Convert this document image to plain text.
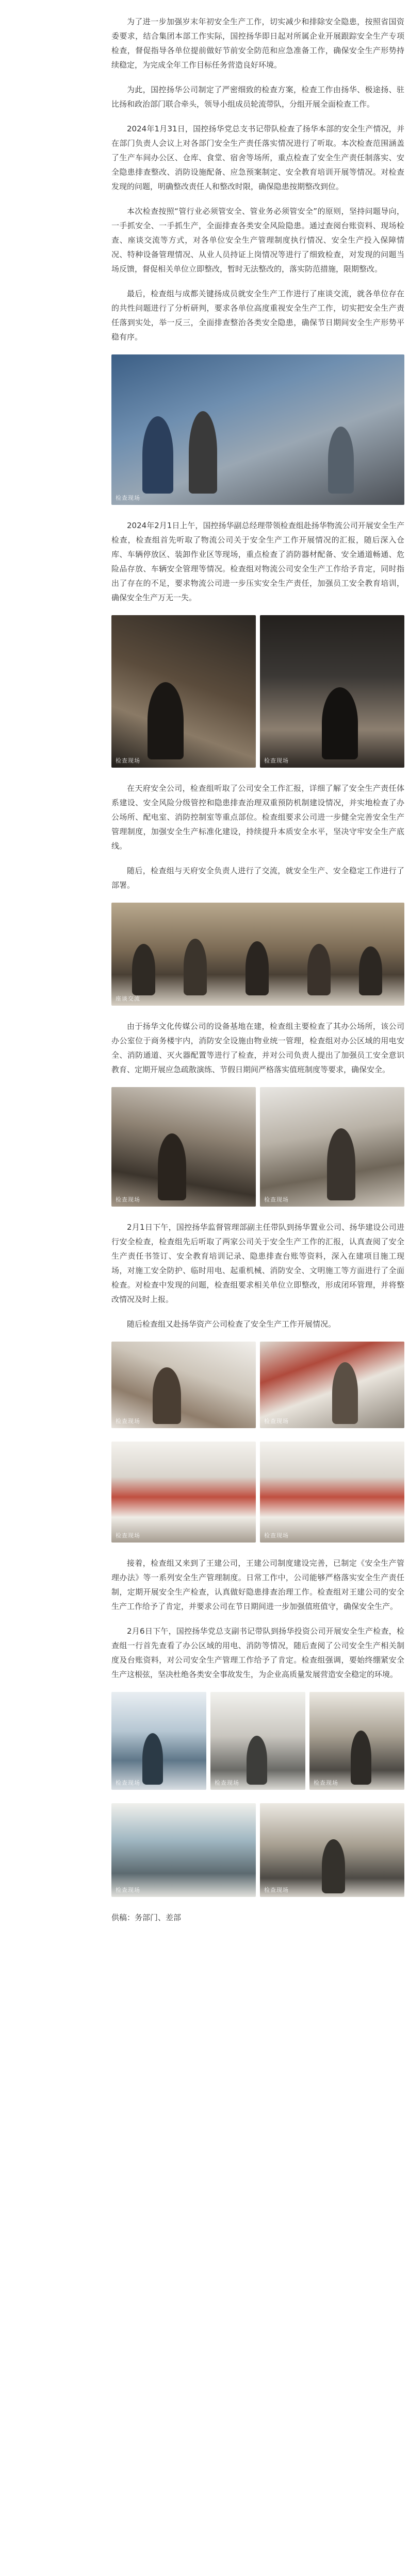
为了进一步加强岁末年初安全生产工作，切实减少和排除安全隐患，按照省国资委要求，结合集团本部工作实际，国控扬华即日起对所属企业开展跟踪安全生产专项检查，督促指导各单位提前做好节前安全防范和应急准备工作，确保安全生产形势持续稳定，为完成全年工作目标任务营造良好环境。

为此，国控扬华公司制定了严密细致的检查方案，检查工作由扬华、极途扬、驻比扬和政治部门联合牵头，领导小组成员轮流带队，分组开展全面检查工作。

2024年1月31日，国控扬华党总支书记带队检查了扬华本部的安全生产情况，并在部门负责人会议上对各部门安全生产责任落实情况进行了听取。本次检查范围涵盖了生产车间办公区、仓库、食堂、宿舍等场所，重点检查了安全生产责任制落实、安全隐患排查整改、消防设施配备、应急预案制定、安全教育培训开展等情况。对检查发现的问题，明确整改责任人和整改时限，确保隐患按期整改到位。

本次检查按照“管行业必须管安全、管业务必须管安全”的原则，坚持问题导向，一手抓安全、一手抓生产，全面排查各类安全风险隐患。通过查阅台账资料、现场检查、座谈交流等方式，对各单位安全生产管理制度执行情况、安全生产投入保障情况、特种设备管理情况、从业人员持证上岗情况等进行了细致检查，对发现的问题当场反馈，督促相关单位立即整改，暂时无法整改的，落实防范措施，限期整改。

最后，检查组与成都关键扬成员就安全生产工作进行了座谈交流，就各单位存在的共性问题进行了分析研判，要求各单位高度重视安全生产工作，切实把安全生产责任落到实处，举一反三，全面排查整治各类安全隐患，确保节日期间安全生产形势平稳有序。

检查现场

2024年2月1日上午，国控扬华副总经理带领检查组赴扬华物流公司开展安全生产检查，检查组首先听取了物流公司关于安全生产工作开展情况的汇报，随后深入仓库、车辆停放区、装卸作业区等现场，重点检查了消防器材配备、安全通道畅通、危险品存放、车辆安全管理等情况。检查组对物流公司安全生产工作给予肯定，同时指出了存在的不足，要求物流公司进一步压实安全生产责任，加强员工安全教育培训，确保安全生产万无一失。

检查现场	检查现场

在天府安全公司，检查组听取了公司安全工作汇报，详细了解了安全生产责任体系建设、安全风险分级管控和隐患排查治理双重预防机制建设情况，并实地检查了办公场所、配电室、消防控制室等重点部位。检查组要求公司进一步健全完善安全生产管理制度，加强安全生产标准化建设，持续提升本质安全水平，坚决守牢安全生产底线。

随后，检查组与天府安全负责人进行了交流，就安全生产、安全稳定工作进行了部署。

座谈交流

由于扬华文化传媒公司的设备基地在建，检查组主要检查了其办公场所，该公司办公室位于商务楼宇内，消防安全设施由物业统一管理，检查组对办公区域的用电安全、消防通道、灭火器配置等进行了检查，并对公司负责人提出了加强员工安全意识教育、定期开展应急疏散演练、节假日期间严格落实值班制度等要求，确保安全。

检查现场	检查现场

2月1日下午，国控扬华监督管理部副主任带队到扬华置业公司、扬华建设公司进行安全检查，检查组先后听取了两家公司关于安全生产工作的汇报，认真查阅了安全生产责任书签订、安全教育培训记录、隐患排查台账等资料，深入在建项目施工现场，对施工安全防护、临时用电、起重机械、消防安全、文明施工等方面进行了全面检查。对检查中发现的问题，检查组要求相关单位立即整改，形成闭环管理，并将整改情况及时上报。

随后检查组又赴扬华资产公司检查了安全生产工作开展情况。

检查现场	检查现场
检查现场	检查现场

接着，检查组又来到了王建公司，王建公司制度建设完善，已制定《安全生产管理办法》等一系列安全生产管理制度。日常工作中，公司能够严格落实安全生产责任制，定期开展安全生产检查，认真做好隐患排查治理工作。检查组对王建公司的安全生产工作给予了肯定，并要求公司在节日期间进一步加强值班值守，确保安全生产。

2月6日下午，国控扬华党总支副书记带队到扬华投资公司开展安全生产检查，检查组一行首先查看了办公区域的用电、消防等情况，随后查阅了公司安全生产相关制度及台账资料，对公司安全生产管理工作给予了肯定。检查组强调，要始终绷紧安全生产这根弦，坚决杜绝各类安全事故发生，为企业高质量发展营造安全稳定的环境。

检查现场	检查现场	检查现场
检查现场	检查现场
供稿：务部门、差部
